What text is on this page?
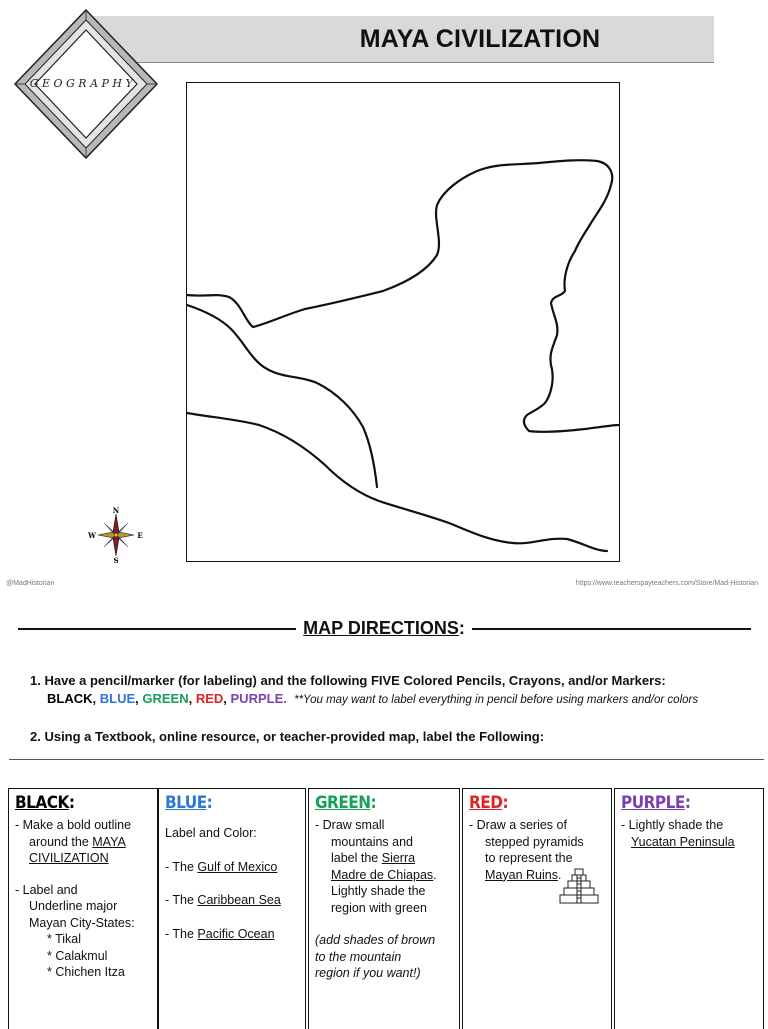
MAYA CIVILIZATION
GEOGRAPHY
N
S
W	E
@MadHistorian	https://www.teacherspayteachers.com/Store/Mad-Historian
MAP DIRECTIONS:
1. Have a pencil/marker (for labeling) and the following FIVE Colored Pencils, Crayons, and/or Markers:
BLACK, BLUE, GREEN, RED, PURPLE. **You may want to label everything in pencil before using markers and/or colors
2. Using a Textbook, online resource, or teacher-provided map, label the Following:
BLACK:
- Make a bold outline
around the MAYA
CIVILIZATION
- Label and
Underline major
Mayan City-States:
* Tikal
* Calakmul
* Chichen Itza
BLUE:
Label and Color:
- The Gulf of Mexico
- The Caribbean Sea
- The Pacific Ocean
GREEN:
- Draw small
mountains and
label the Sierra
Madre de Chiapas.
Lightly shade the
region with green
(add shades of brown
to the mountain
region if you want!)
RED:
- Draw a series of
stepped pyramids
to represent the
Mayan Ruins.
PURPLE:
- Lightly shade the
Yucatan Peninsula
